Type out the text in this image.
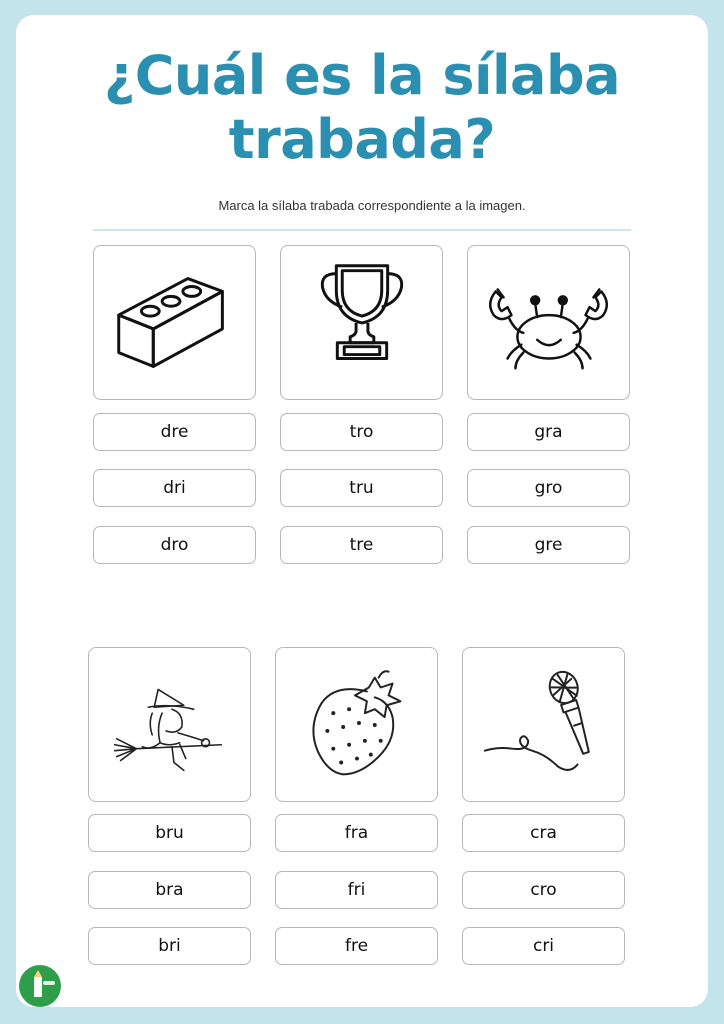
¿Cuál es la sílaba
trabada?
Marca la sílaba trabada correspondiente a la imagen.
dre
dri
dro
tro
tru
tre
gra
gro
gre
bru
bra
bri
fra
fri
fre
cra
cro
cri
